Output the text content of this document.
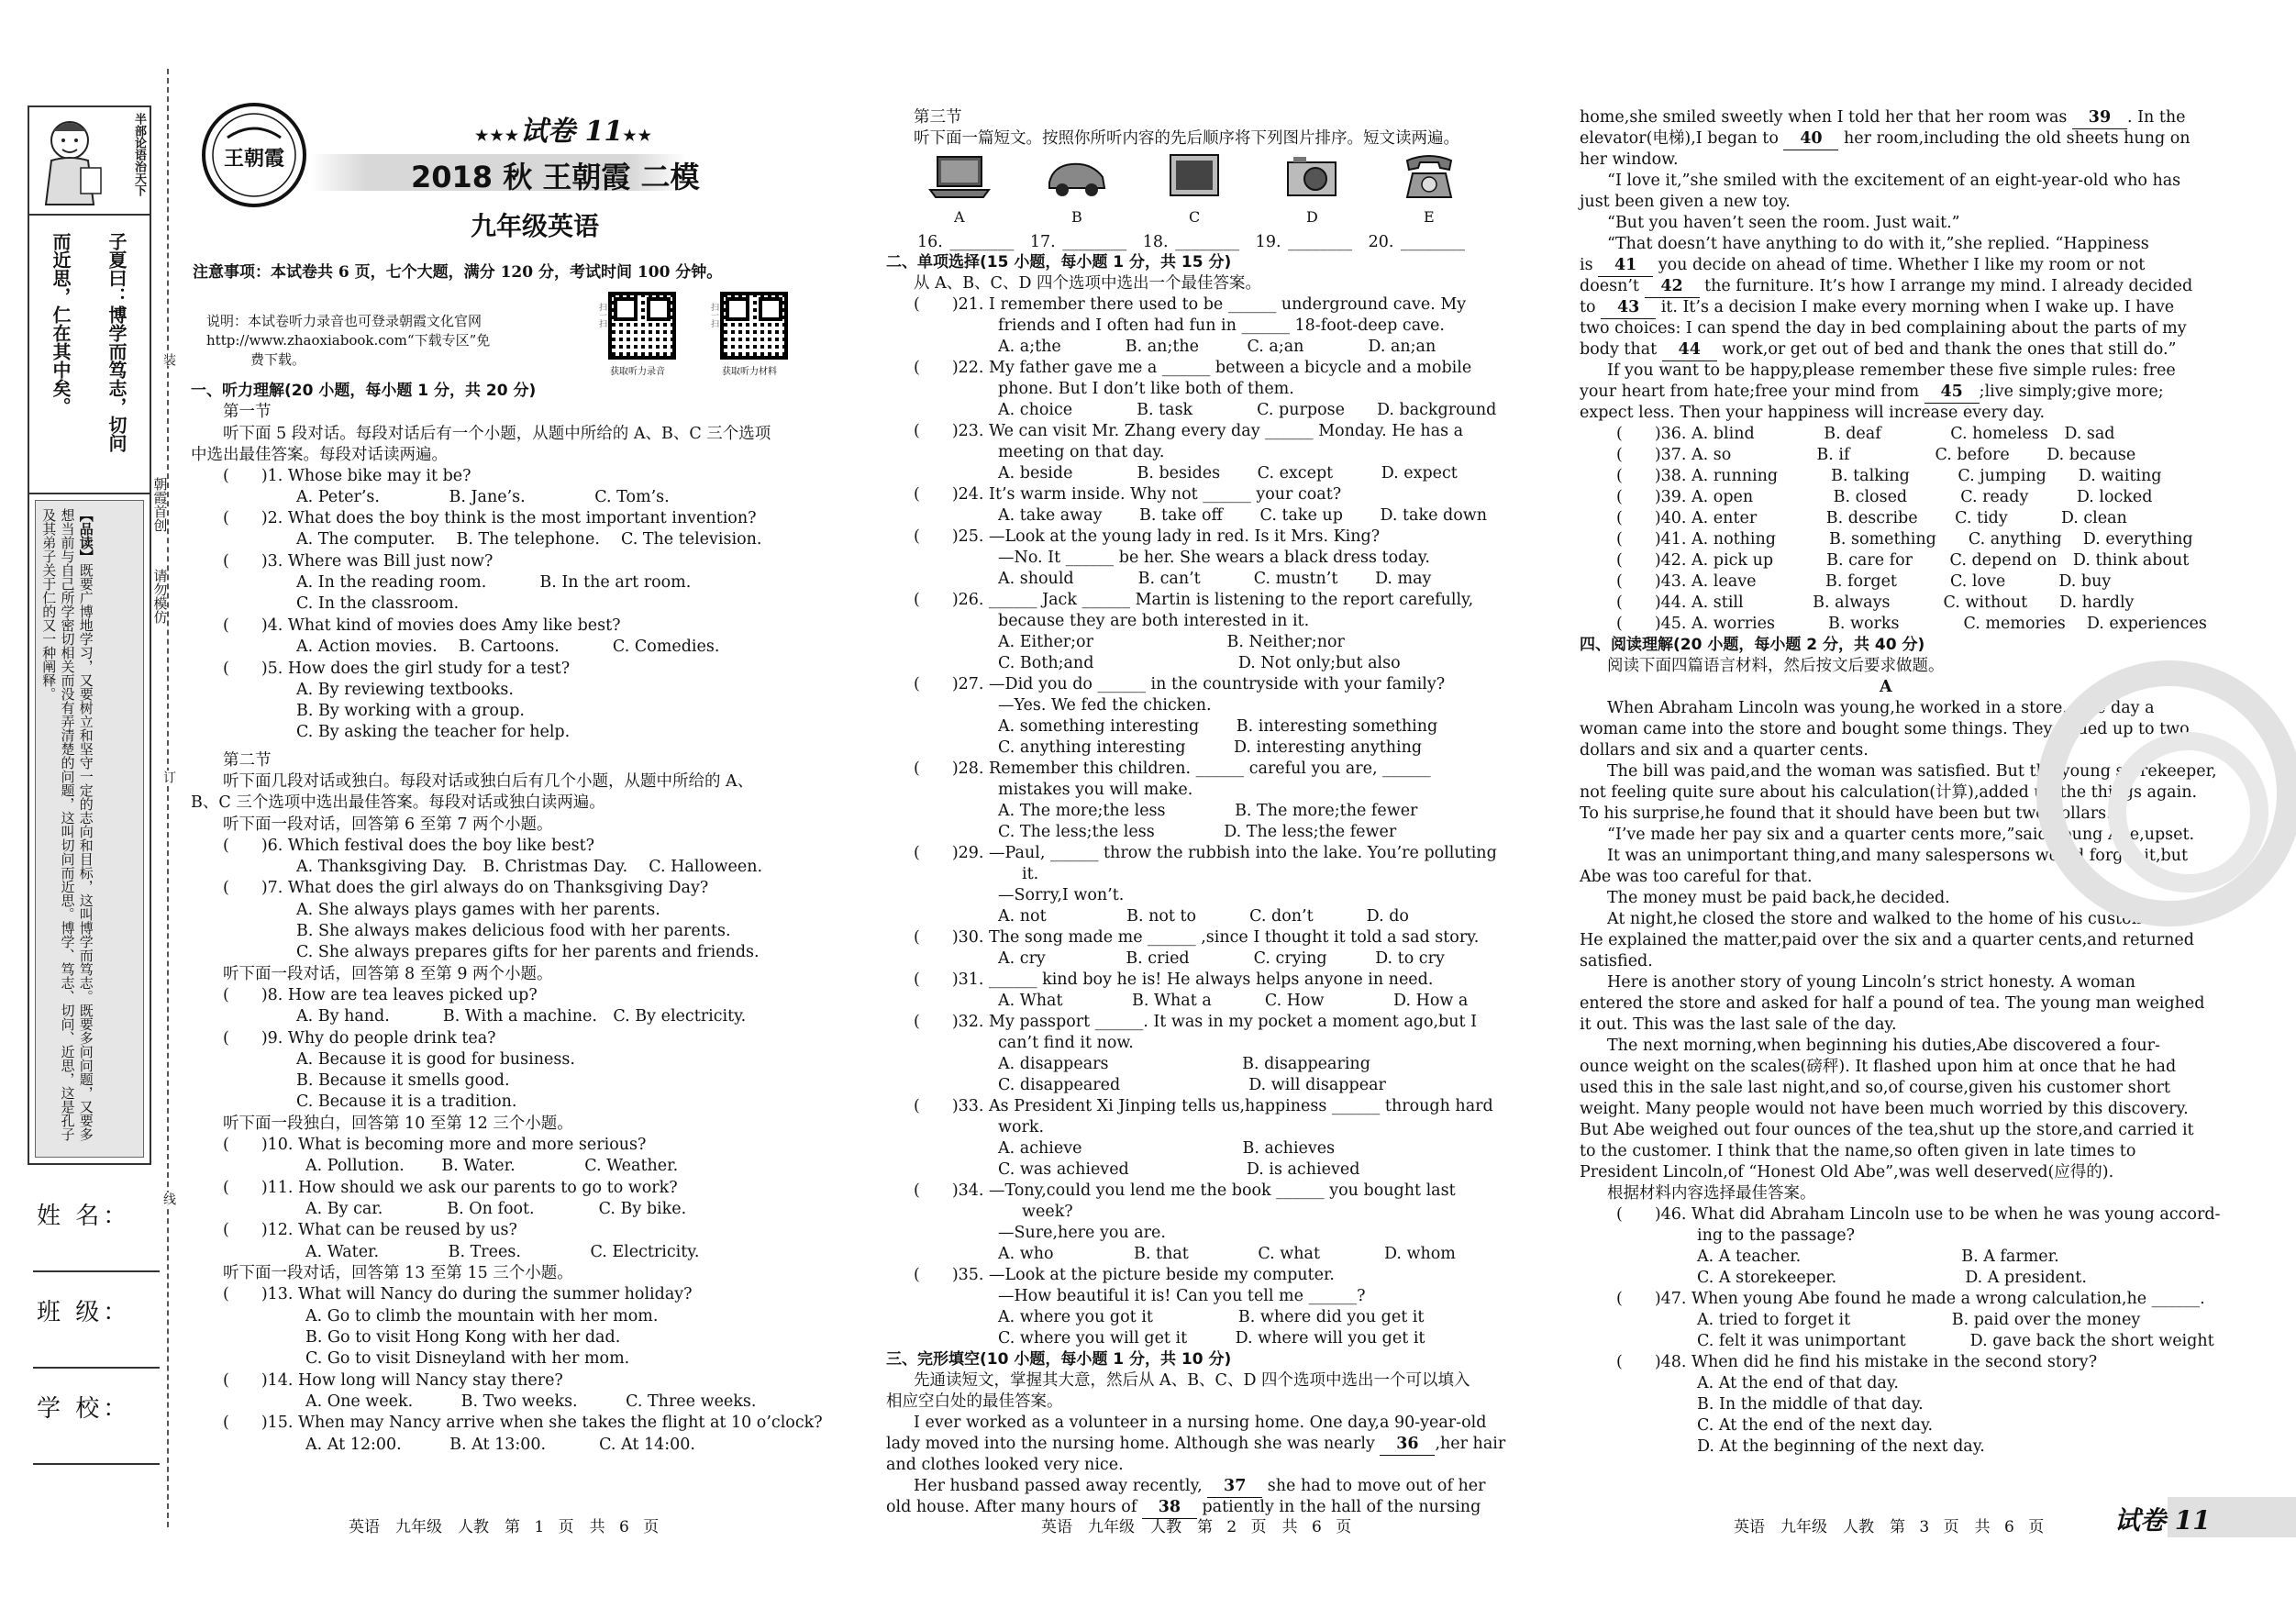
半部论语治天下
子夏曰：博学而笃志，切问
而近思，仁在其中矣。
【品读】既要广博地学习，又要树立和坚守一定的志向和目标，这叫博学而笃志。既要多问问题，又要多想当前与自己所学密切相关而没有弄清楚的问题，这叫切问而近思。博学、笃志、切问、近思，这是孔子及其弟子关于仁的又一种阐释。
姓 名：
班 级：
学 校：
装
订
线
朝霞首创
请勿模仿
王朝霞
★★★试卷 11★★
2018 秋 王朝霞 二模
九年级英语
注意事项：本试卷共 6 页，七个大题，满分 120 分，考试时间 100 分钟。
说明：本试卷听力录音也可登录朝霞文化官网
http://www.zhaoxiabook.com“下载专区”免
费下载。
扫一扫
获取听力录音
扫一扫
获取听力材料
一、听力理解(20 小题，每小题 1 分，共 20 分)
第一节
听下面 5 段对话。每段对话后有一个小题，从题中所给的 A、B、C 三个选项
中选出最佳答案。每段对话读两遍。
(　　)1. Whose bike may it be?
A. Peter’s.　　　　 B. Jane’s.　　　　 C. Tom’s.
(　　)2. What does the boy think is the most important invention?
A. The computer.　 B. The telephone.　 C. The television.
(　　)3. Where was Bill just now?
A. In the reading room.　　　 B. In the art room.
C. In the classroom.
(　　)4. What kind of movies does Amy like best?
A. Action movies.　 B. Cartoons.　　　 C. Comedies.
(　　)5. How does the girl study for a test?
A. By reviewing textbooks.
B. By working with a group.
C. By asking the teacher for help.
第二节
听下面几段对话或独白。每段对话或独白后有几个小题，从题中所给的 A、
B、C 三个选项中选出最佳答案。每段对话或独白读两遍。
听下面一段对话，回答第 6 至第 7 两个小题。
(　　)6. Which festival does the boy like best?
A. Thanksgiving Day.　B. Christmas Day.　 C. Halloween.
(　　)7. What does the girl always do on Thanksgiving Day?
A. She always plays games with her parents.
B. She always makes delicious food with her parents.
C. She always prepares gifts for her parents and friends.
听下面一段对话，回答第 8 至第 9 两个小题。
(　　)8. How are tea leaves picked up?
A. By hand.　　　 B. With a machine.　C. By electricity.
(　　)9. Why do people drink tea?
A. Because it is good for business.
B. Because it smells good.
C. Because it is a tradition.
听下面一段独白，回答第 10 至第 12 三个小题。
(　　)10. What is becoming more and more serious?
A. Pollution.　　 B. Water.　　　　 C. Weather.
(　　)11. How should we ask our parents to go to work?
A. By car.　　　　B. On foot.　　　　C. By bike.
(　　)12. What can be reused by us?
A. Water.　　　　 B. Trees.　　　　 C. Electricity.
听下面一段对话，回答第 13 至第 15 三个小题。
(　　)13. What will Nancy do during the summer holiday?
A. Go to climb the mountain with her mom.
B. Go to visit Hong Kong with her dad.
C. Go to visit Disneyland with her mom.
(　　)14. How long will Nancy stay there?
A. One week.　　　B. Two weeks.　　　C. Three weeks.
(　　)15. When may Nancy arrive when she takes the flight at 10 o’clock?
A. At 12:00.　　　B. At 13:00.　　　 C. At 14:00.
第三节
听下面一篇短文。按照你所听内容的先后顺序将下列图片排序。短文读两遍。
二、单项选择(15 小题，每小题 1 分，共 15 分)
从 A、B、C、D 四个选项中选出一个最佳答案。
(　　)21. I remember there used to be ______ underground cave. My
friends and I often had fun in ______ 18-foot-deep cave.
A. a;the　　　　B. an;the　　　C. a;an　　　　D. an;an
(　　)22. My father gave me a ______ between a bicycle and a mobile
phone. But I don’t like both of them.
A. choice　　　　B. task　　　　C. purpose　　D. background
(　　)23. We can visit Mr. Zhang every day ______ Monday. He has a
meeting on that day.
A. beside　　　　B. besides　　 C. except　　　D. expect
(　　)24. It’s warm inside. Why not ______ your coat?
A. take away　　 B. take off　　 C. take up　　 D. take down
(　　)25. —Look at the young lady in red. Is it Mrs. King?
—No. It ______ be her. She wears a black dress today.
A. should　　　　B. can’t　　　 C. mustn’t　　 D. may
(　　)26. ______ Jack ______ Martin is listening to the report carefully,
because they are both interested in it.
A. Either;or　　　　　　　　 B. Neither;nor
C. Both;and　　　　　　　　　D. Not only;but also
(　　)27. —Did you do ______ in the countryside with your family?
—Yes. We fed the chicken.
A. something interesting　　 B. interesting something
C. anything interesting　　　D. interesting anything
(　　)28. Remember this children. ______ careful you are, ______
mistakes you will make.
A. The more;the less　　　　 B. The more;the fewer
C. The less;the less　　　　 D. The less;the fewer
(　　)29. —Paul, ______ throw the rubbish into the lake. You’re polluting
it.
—Sorry,I won’t.
A. not　　　　　B. not to　　　 C. don’t　　　 D. do
(　　)30. The song made me ______ ,since I thought it told a sad story.
A. cry　　　　　B. cried　　　　C. crying　　　D. to cry
(　　)31. ______ kind boy he is! He always helps anyone in need.
A. What　　　　 B. What a　　　 C. How　　　　 D. How a
(　　)32. My passport ______. It was in my pocket a moment ago,but I
can’t find it now.
A. disappears　　　　　　　　 B. disappearing
C. disappeared　　　　　　　　D. will disappear
(　　)33. As President Xi Jinping tells us,happiness ______ through hard
work.
A. achieve　　　　　　　　　　B. achieves
C. was achieved　　　　　　　 D. is achieved
(　　)34. —Tony,could you lend me the book ______ you bought last
week?
—Sure,here you are.
A. who　　　　　B. that　　　　 C. what　　　　D. whom
(　　)35. —Look at the picture beside my computer.
—How beautiful it is! Can you tell me ______?
A. where you got it　　　　　 B. where did you get it
C. where you will get it　　　D. where will you get it
三、完形填空(10 小题，每小题 1 分，共 10 分)
先通读短文，掌握其大意，然后从 A、B、C、D 四个选项中选出一个可以填入
相应空白处的最佳答案。
I ever worked as a volunteer in a nursing home. One day,a 90-year-old
lady moved into the nursing home. Although she was nearly 36 ,her hair
and clothes looked very nice.
Her husband passed away recently, 37 she had to move out of her
old house. After many hours of 38 patiently in the hall of the nursing
home,she smiled sweetly when I told her that her room was 39 . In the
elevator(电梯),I began to 40 her room,including the old sheets hung on
her window.
“I love it,”she smiled with the excitement of an eight-year-old who has
just been given a new toy.
“But you haven’t seen the room. Just wait.”
“That doesn’t have anything to do with it,”she replied. “Happiness
is 41 you decide on ahead of time. Whether I like my room or not
doesn’t 42 the furniture. It’s how I arrange my mind. I already decided
to 43 it. It’s a decision I make every morning when I wake up. I have
two choices: I can spend the day in bed complaining about the parts of my
body that 44 work,or get out of bed and thank the ones that still do.”
If you want to be happy,please remember these five simple rules: free
your heart from hate;free your mind from 45 ;live simply;give more;
expect less. Then your happiness will increase every day.
(　　)36. A. blind　　　　 B. deaf　　　　 C. homeless　D. sad
(　　)37. A. so　　　　　 B. if　　　　　 C. before　　 D. because
(　　)38. A. running　　　 B. talking　　　C. jumping　　D. waiting
(　　)39. A. open　　　　　B. closed　　　 C. ready　　　D. locked
(　　)40. A. enter　　　　 B. describe　　 C. tidy　　　 D. clean
(　　)41. A. nothing　　　 B. something　　C. anything　 D. everything
(　　)42. A. pick up　　　 B. care for　　 C. depend on　D. think about
(　　)43. A. leave　　　　 B. forget　　　 C. love　　　 D. buy
(　　)44. A. still　　　　 B. always　　　 C. without　　D. hardly
(　　)45. A. worries　　　 B. works　　　　C. memories　 D. experiences
四、阅读理解(20 小题，每小题 2 分，共 40 分)
阅读下面四篇语言材料，然后按文后要求做题。
A
When Abraham Lincoln was young,he worked in a store. One day a
woman came into the store and bought some things. They added up to two
dollars and six and a quarter cents.
The bill was paid,and the woman was satisfied. But the young storekeeper,
not feeling quite sure about his calculation(计算),added up the things again.
To his surprise,he found that it should have been but two dollars.
“I’ve made her pay six and a quarter cents more,”said young Abe,upset.
It was an unimportant thing,and many salespersons would forget it,but
Abe was too careful for that.
The money must be paid back,he decided.
At night,he closed the store and walked to the home of his customer.
He explained the matter,paid over the six and a quarter cents,and returned
satisfied.
Here is another story of young Lincoln’s strict honesty. A woman
entered the store and asked for half a pound of tea. The young man weighed
it out. This was the last sale of the day.
The next morning,when beginning his duties,Abe discovered a four-
ounce weight on the scales(磅秤). It flashed upon him at once that he had
used this in the sale last night,and so,of course,given his customer short
weight. Many people would not have been much worried by this discovery.
But Abe weighed out four ounces of the tea,shut up the store,and carried it
to the customer. I think that the name,so often given in late times to
President Lincoln,of “Honest Old Abe”,was well deserved(应得的).
根据材料内容选择最佳答案。
(　　)46. What did Abraham Lincoln use to be when he was young accord-
ing to the passage?
A. A teacher.　　　　　　　　　　B. A farmer.
C. A storekeeper.　　　　　　　　D. A president.
(　　)47. When young Abe found he made a wrong calculation,he ______.
A. tried to forget it　　　　　　 B. paid over the money
C. felt it was unimportant　　　　D. gave back the short weight
(　　)48. When did he find his mistake in the second story?
A. At the end of that day.
B. In the middle of that day.
C. At the end of the next day.
D. At the beginning of the next day.
A	B	C	D	E
16. ________　17. ________　18. ________　19. ________　20. ________
英语　九年级　人教　第 1 页　共 6 页	英语　九年级　人教　第 2 页　共 6 页	英语　九年级　人教　第 3 页　共 6 页	试卷 11
